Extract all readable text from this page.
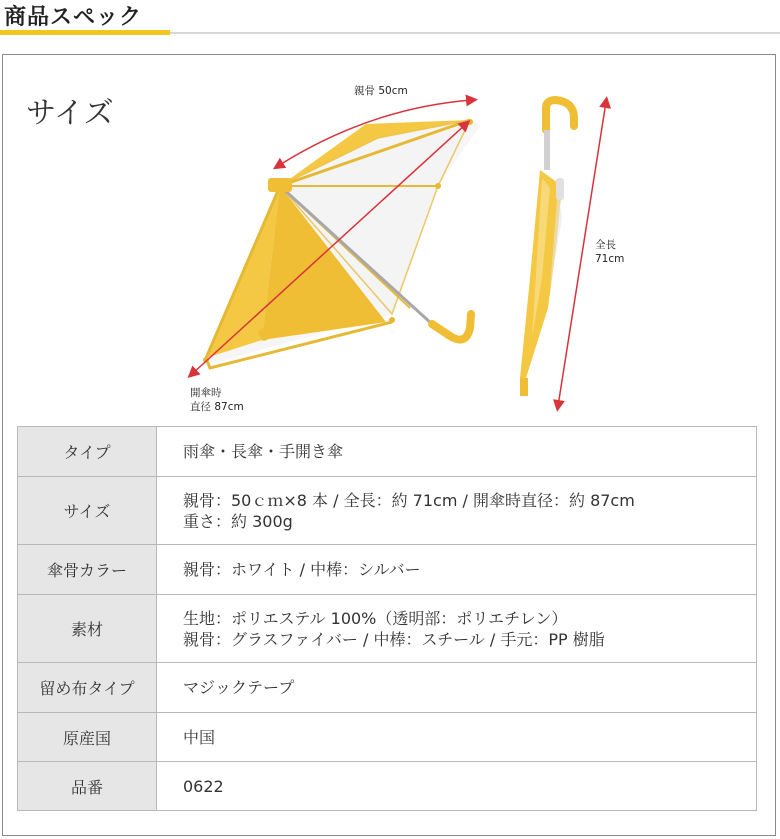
商品スペック
サイズ
親骨 50cm
全長
71cm
開傘時
直径 87cm
タイプ	雨傘・長傘・手開き傘

サイズ	親骨：50ｃｍ×8 本 / 全長：約 71cm / 開傘時直径：約 87cm
重さ：約 300g

傘骨カラー	親骨：ホワイト / 中棒：シルバー

素材	生地：ポリエステル 100%（透明部：ポリエチレン）
親骨：グラスファイバー / 中棒：スチール / 手元：PP 樹脂

留め布タイプ	マジックテープ

原産国	中国

品番	0622
